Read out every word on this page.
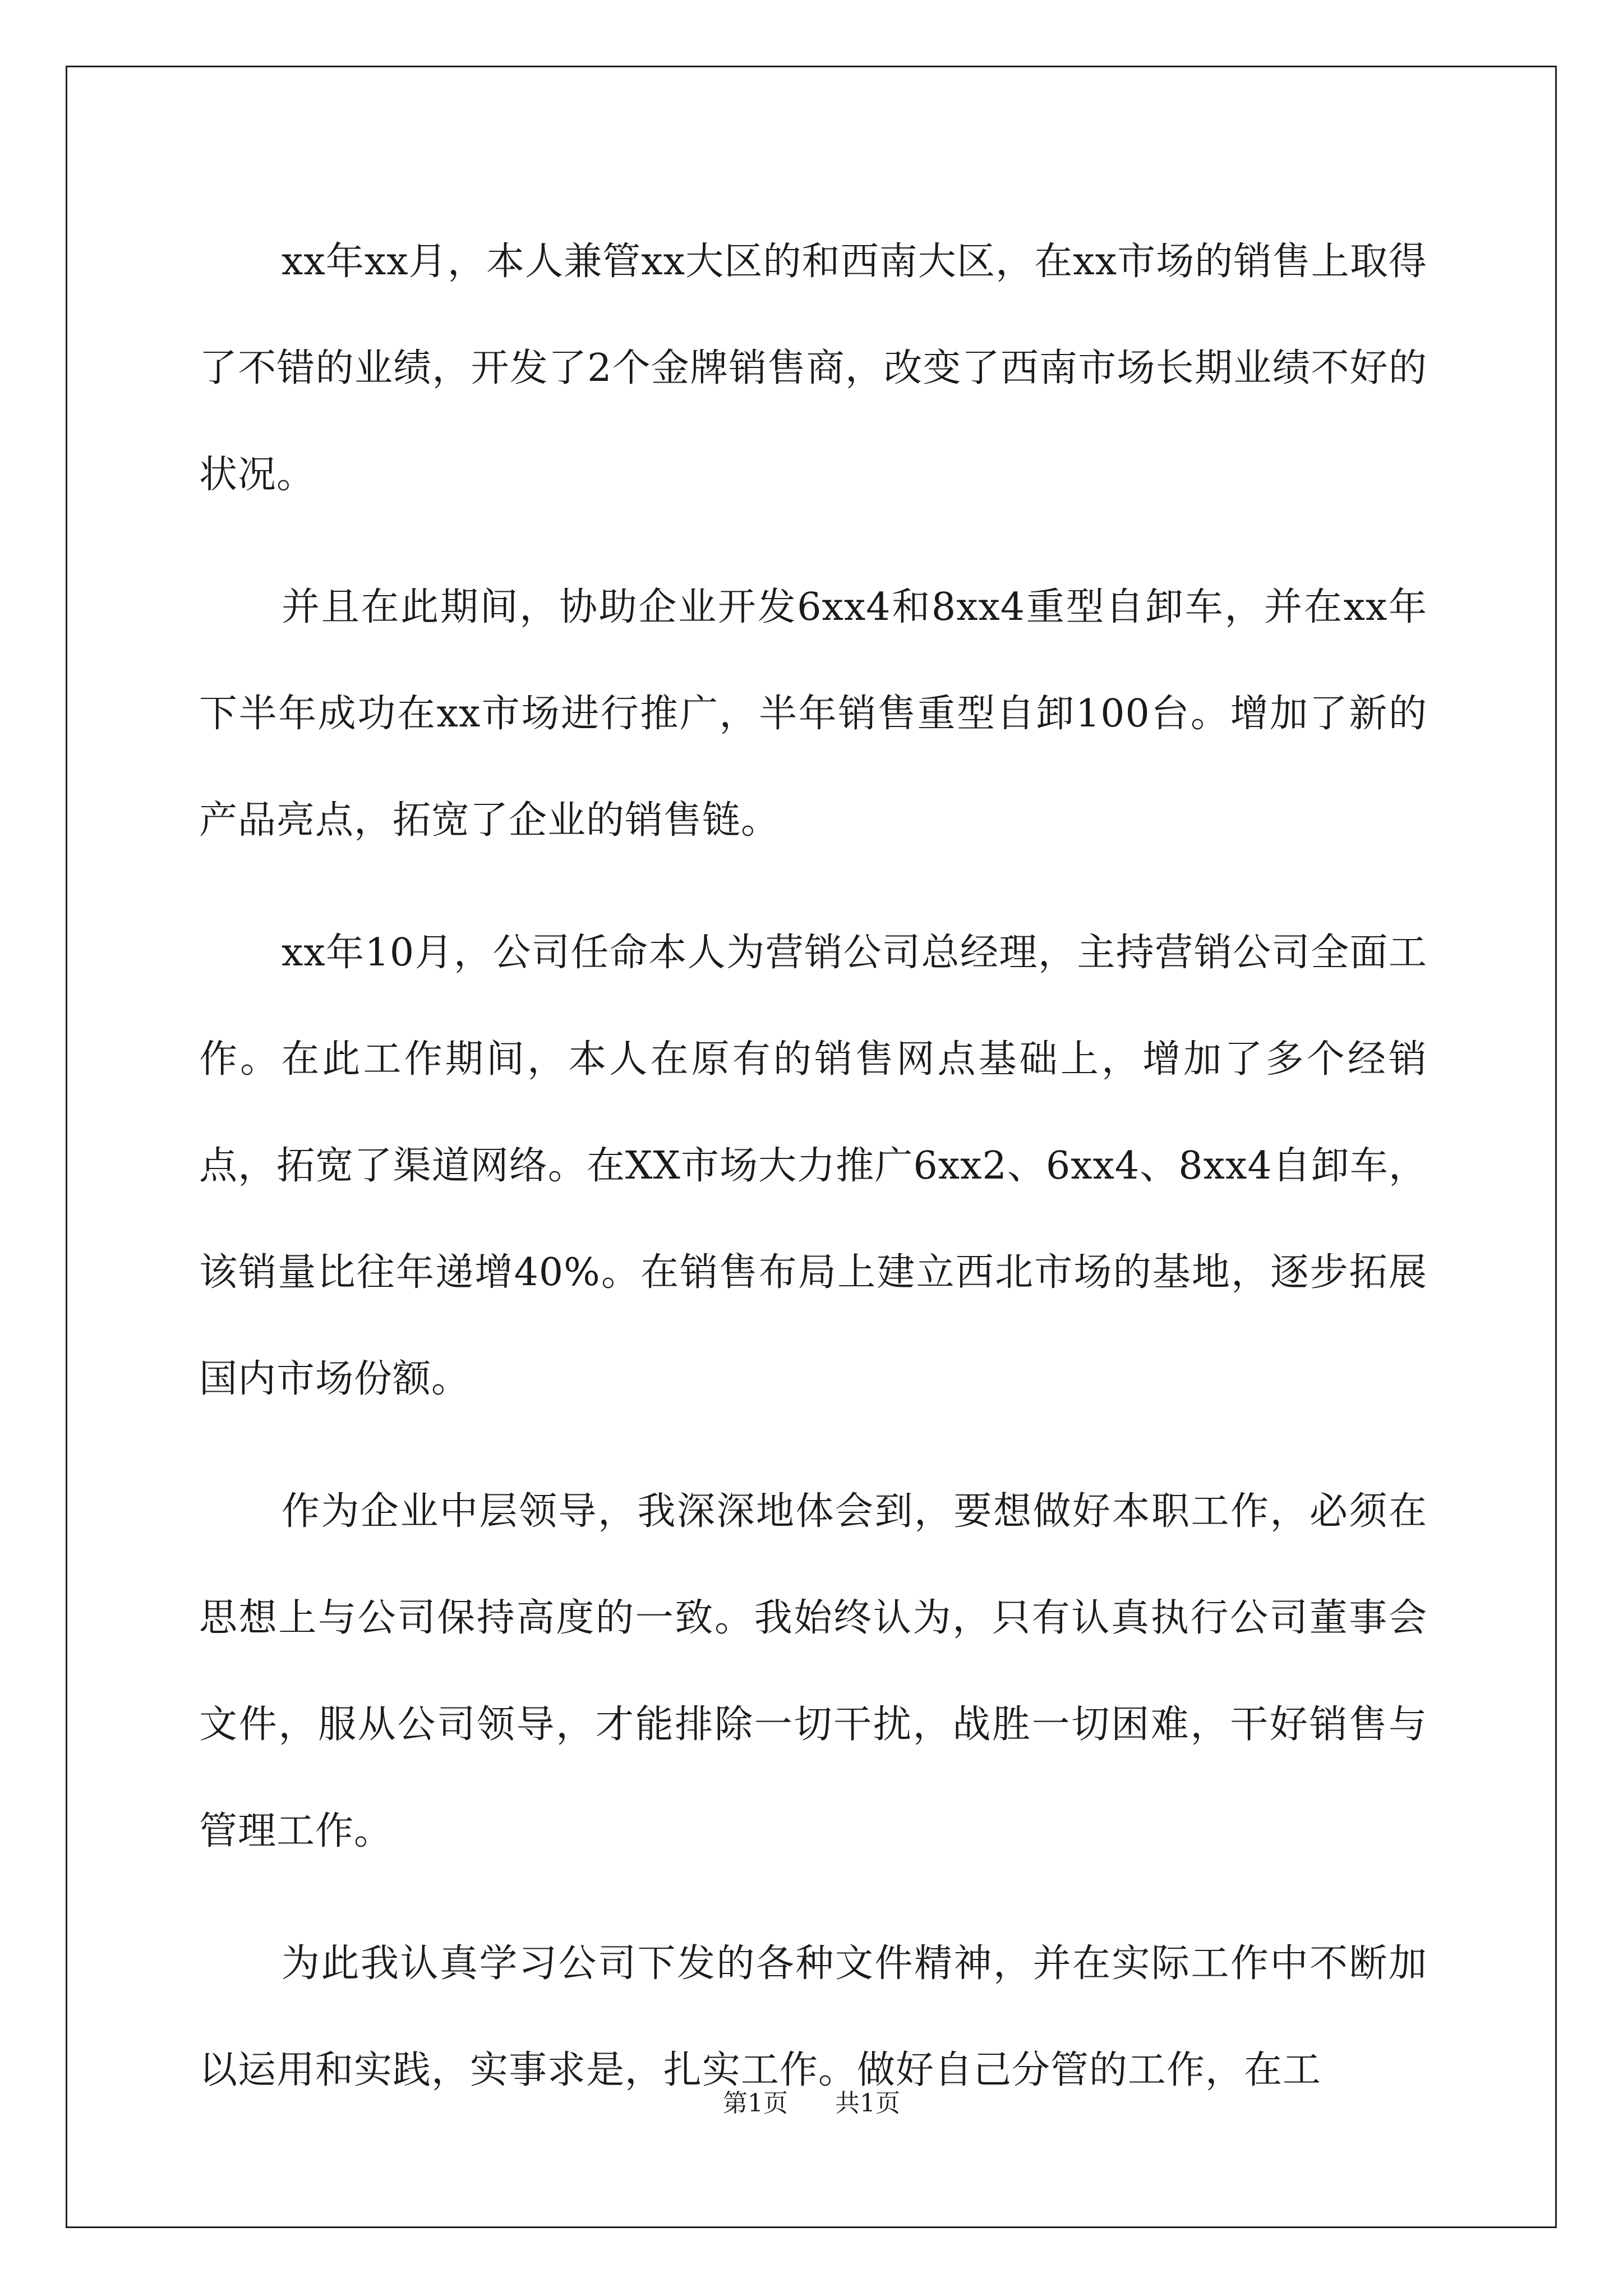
xx年xx月，本人兼管xx大区的和西南大区，在xx市场的销售上取得了不错的业绩，开发了2个金牌销售商，改变了西南市场长期业绩不好的状况。

并且在此期间，协助企业开发6xx4和8xx4重型自卸车，并在xx年下半年成功在xx市场进行推广，半年销售重型自卸100台。增加了新的产品亮点，拓宽了企业的销售链。

xx年10月，公司任命本人为营销公司总经理，主持营销公司全面工作。在此工作期间，本人在原有的销售网点基础上，增加了多个经销点，拓宽了渠道网络。在XX市场大力推广6xx2、6xx4、8xx4自卸车，该销量比往年递增40%。在销售布局上建立西北市场的基地，逐步拓展国内市场份额。

作为企业中层领导，我深深地体会到，要想做好本职工作，必须在思想上与公司保持高度的一致。我始终认为，只有认真执行公司董事会文件，服从公司领导，才能排除一切干扰，战胜一切困难，干好销售与管理工作。

为此我认真学习公司下发的各种文件精神，并在实际工作中不断加以运用和实践，实事求是，扎实工作。做好自己分管的工作，在工

第1页 共1页
